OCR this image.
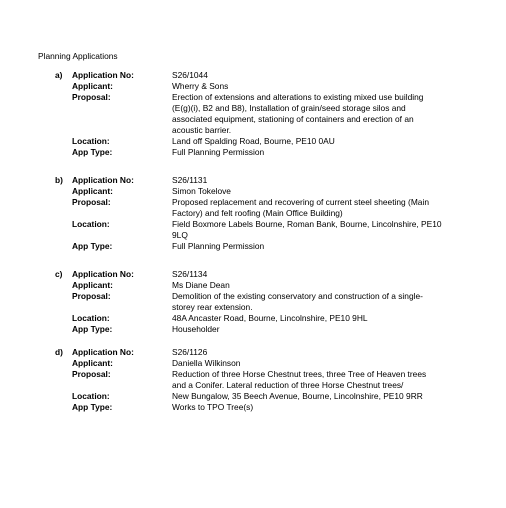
Planning Applications
a) Application No:	S26/1044
Applicant:	Wherry & Sons
Proposal:	Erection of extensions and alterations to existing mixed use building
(E(g)(i), B2 and B8), Installation of grain/seed storage silos and
associated equipment, stationing of containers and erection of an
acoustic barrier.
Location:	Land off Spalding Road, Bourne, PE10 0AU
App Type:	Full Planning Permission
b) Application No:	S26/1131
Applicant:	Simon Tokelove
Proposal:	Proposed replacement and recovering of current steel sheeting (Main
Factory) and felt roofing (Main Office Building)
Location:	Field Boxmore Labels Bourne, Roman Bank, Bourne, Lincolnshire, PE10
9LQ
App Type:	Full Planning Permission
c) Application No:	S26/1134
Applicant:	Ms Diane Dean
Proposal:	Demolition of the existing conservatory and construction of a single-
storey rear extension.
Location:	48A Ancaster Road, Bourne, Lincolnshire, PE10 9HL
App Type:	Householder
d) Application No:	S26/1126
Applicant:	Daniella Wilkinson
Proposal:	Reduction of three Horse Chestnut trees, three Tree of Heaven trees
and a Conifer. Lateral reduction of three Horse Chestnut trees/
Location:	New Bungalow, 35 Beech Avenue, Bourne, Lincolnshire, PE10 9RR
App Type:	Works to TPO Tree(s)
